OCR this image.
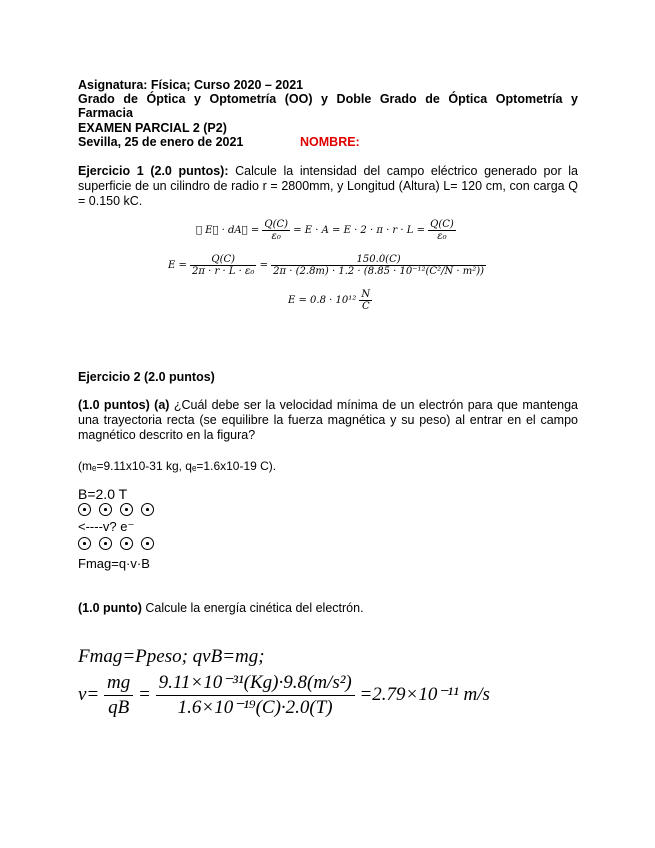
Asignatura: Física; Curso 2020 – 2021
Grado de Óptica y Optometría (OO) y Doble Grado de Óptica Optometría y
Farmacia
EXAMEN PARCIAL 2 (P2)
Sevilla, 25 de enero de 2021	NOMBRE:
Ejercicio 1 (2.0 puntos): Calcule la intensidad del campo eléctrico generado por la superficie de un cilindro de radio r = 2800mm, y Longitud (Altura) L= 120 cm, con carga Q = 0.150 kC.
∮ E⃗ · dA⃗ = $\frac{Q(C)}{\text{ε₀}} = E \cdot A = E \cdot 2 \cdot \pi \cdot r \cdot L = \frac{Q(C)}{\text{ε₀}}$
$E = \frac{Q(C)}{\text{2π · r · L · ε₀}} = \frac{150.0(C)}{\text{2π · (2.8m) · 1.2 · (8.85 · 10⁻¹²(C²/N · m²))}}$
$E = 0.8 \cdot 10^{12} \frac{N}{C}$
Ejercicio 2 (2.0 puntos)
(1.0 puntos) (a) ¿Cuál debe ser la velocidad mínima de un electrón para que mantenga una trayectoria recta (se equilibre la fuerza magnética y su peso) al entrar en el campo magnético descrito en la figura?
(mₑ=9.11x10-31 kg, qₑ=1.6x10-19 C).
B=2.0 T
<----v? e⁻
Fmag=q·v·B
(1.0 punto) Calcule la energía cinética del electrón.
Fmag=Ppeso; qvB=mg;
$v= \frac{mg}{qB} = \frac{\text{9.11×10⁻³¹(Kg)·9.8(m/s²)}}{\text{1.6×10⁻¹⁹(C)·2.0(T)}} =2.79\times 10^{-11}$ m/s
